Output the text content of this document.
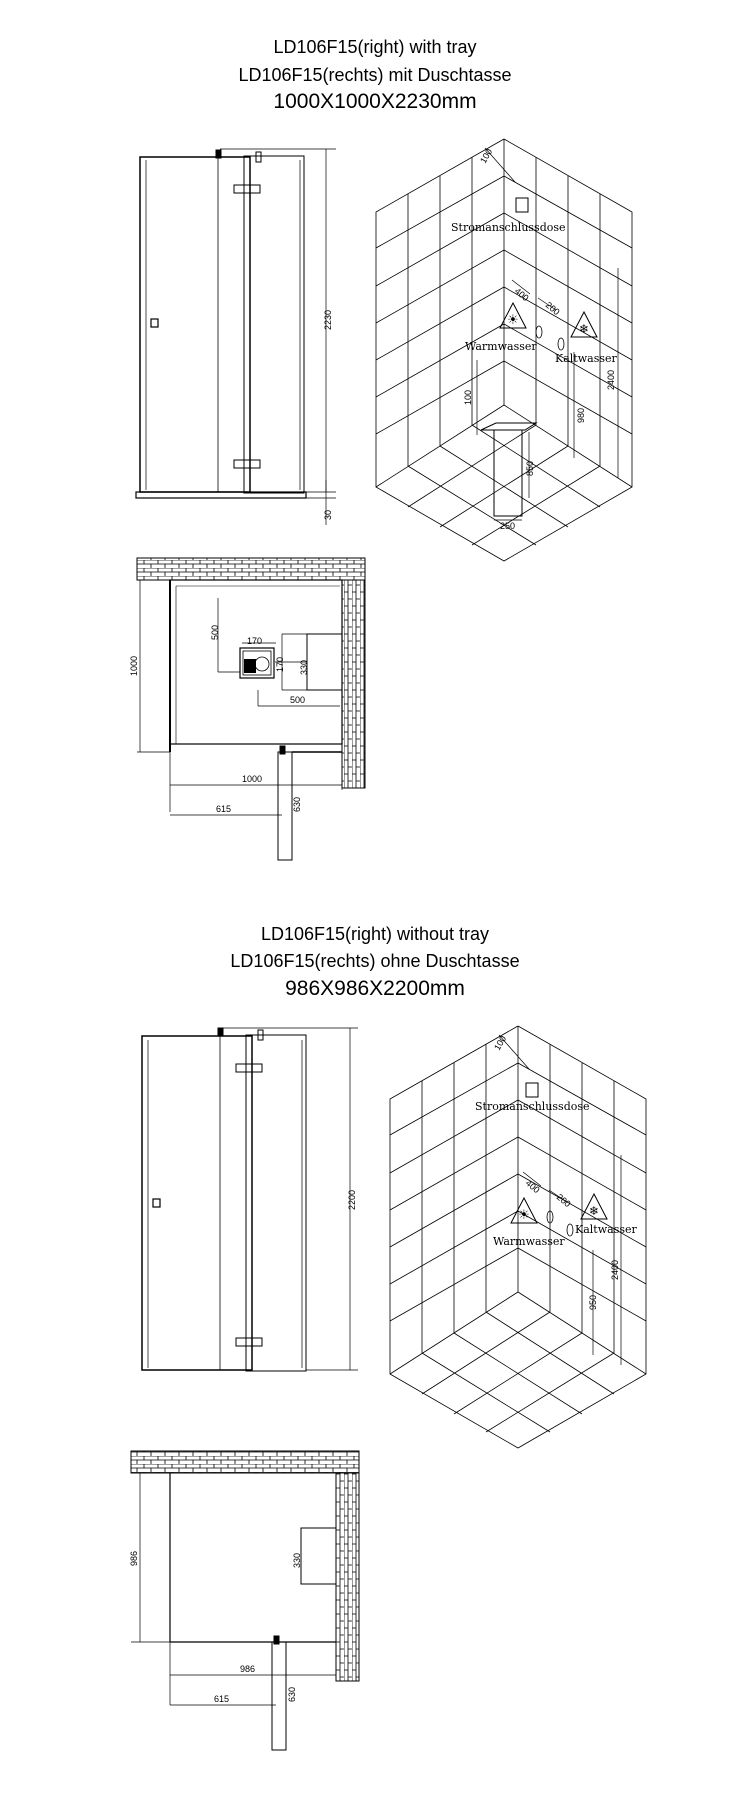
LD106F15(right) with tray
LD106F15(rechts) mit Duschtasse
1000X1000X2230mm
LD106F15(right) without tray
LD106F15(rechts) ohne Duschtasse
986X986X2200mm
2230
30
100
Stromanschlussdose
400
200
☀
❄
Warmwasser
Kaltwasser
100
980
2400
850
250
500
170
170 330
500
1000
1000
615	630
2200
100
Stromanschlussdose
400
200
☀	❄
Warmwasser
Kaltwasser
950
2400
986	330
986
615	630
